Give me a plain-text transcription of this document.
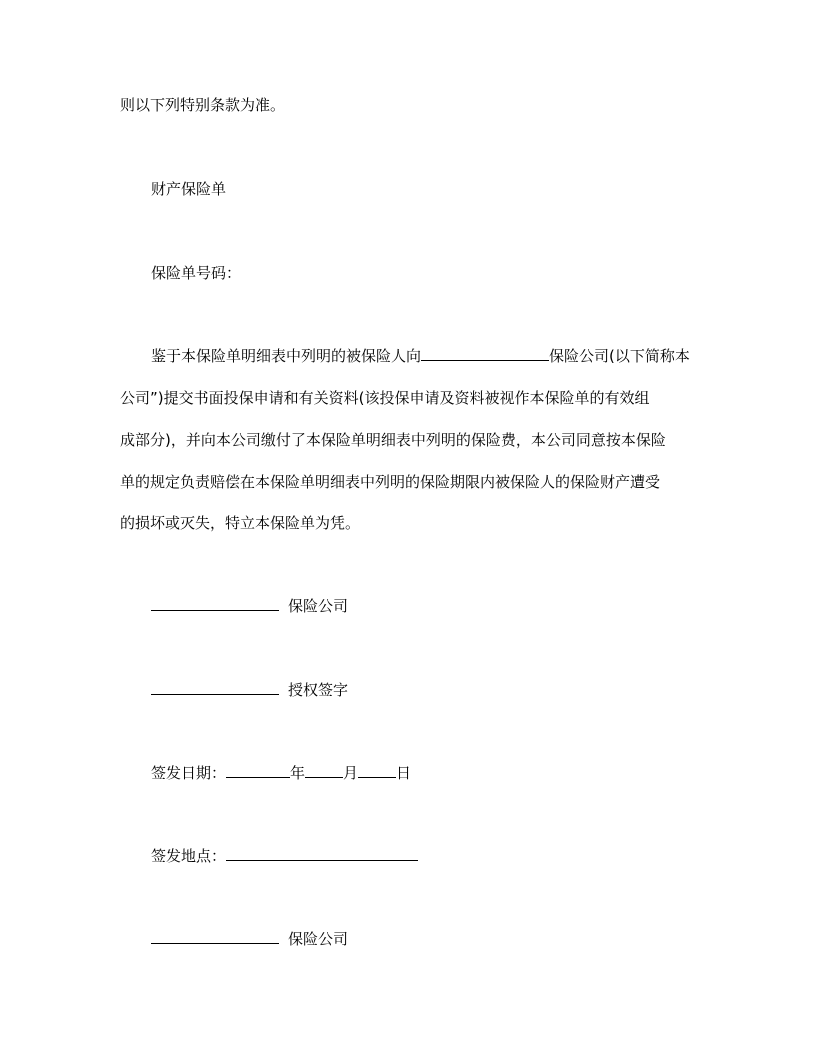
则以下列特别条款为准。
财产保险单
保险单号码：
鉴于本保险单明细表中列明的被保险人向	保险公司(以下简称本
公司”)提交书面投保申请和有关资料(该投保申请及资料被视作本保险单的有效组
成部分)，并向本公司缴付了本保险单明细表中列明的保险费，本公司同意按本保险
单的规定负责赔偿在本保险单明细表中列明的保险期限内被保险人的保险财产遭受
的损坏或灭失，特立本保险单为凭。
保险公司
授权签字
签发日期：	年	月	日
签发地点：
保险公司
